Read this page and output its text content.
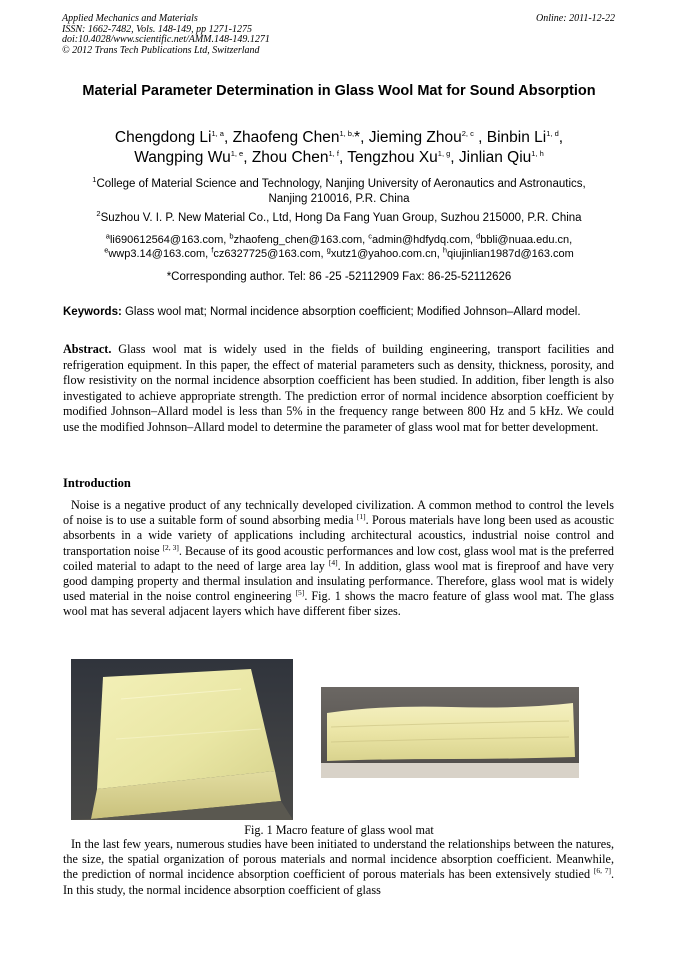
Applied Mechanics and Materials
ISSN: 1662-7482, Vols. 148-149, pp 1271-1275
doi:10.4028/www.scientific.net/AMM.148-149.1271
© 2012 Trans Tech Publications Ltd, Switzerland
Online: 2011-12-22
Material Parameter Determination in Glass Wool Mat for Sound Absorption
Chengdong Li$^{1, a}$, Zhaofeng Chen$^{1, b,}$*, Jieming Zhou$^{2, c}$ , Binbin Li$^{1, d}$,
Wangping Wu$^{1, e}$, Zhou Chen$^{1, f}$, Tengzhou Xu$^{1, g}$, Jinlian Qiu$^{1, h}$
$^1$College of Material Science and Technology, Nanjing University of Aeronautics and Astronautics,
Nanjing 210016, P.R. China
$^2$Suzhou V. I. P. New Material Co., Ltd, Hong Da Fang Yuan Group, Suzhou 215000, P.R. China
$^a$li690612564@163.com, $^b$zhaofeng_chen@163.com, $^c$admin@hdfydq.com, $^d$bbli@nuaa.edu.cn,
$^e$wwp3.14@163.com, $^f$cz6327725@163.com, $^g$xutz1@yahoo.com.cn, $^h$qiujinlian1987d@163.com
*Corresponding author. Tel: 86 -25 -52112909 Fax: 86-25-52112626
Keywords: Glass wool mat; Normal incidence absorption coefficient; Modified Johnson–Allard model.
Abstract. Glass wool mat is widely used in the fields of building engineering, transport facilities and refrigeration equipment. In this paper, the effect of material parameters such as density, thickness, porosity, and flow resistivity on the normal incidence absorption coefficient has been studied. In addition, fiber length is also investigated to achieve appropriate strength. The prediction error of normal incidence absorption coefficient by modified Johnson–Allard model is less than 5% in the frequency range between 800 Hz and 5 kHz. We could use the modified Johnson–Allard model to determine the parameter of glass wool mat for better development.
Introduction
Noise is a negative product of any technically developed civilization. A common method to control the levels of noise is to use a suitable form of sound absorbing media [1]. Porous materials have long been used as acoustic absorbents in a wide variety of applications including architectural acoustics, industrial noise control and transportation noise [2, 3]. Because of its good acoustic performances and low cost, glass wool mat is the preferred coiled material to adapt to the need of large area lay [4]. In addition, glass wool mat is fireproof and have very good damping property and thermal insulation and insulating performance. Therefore, glass wool mat is widely used material in the noise control engineering [5]. Fig. 1 shows the macro feature of glass wool mat. The glass wool mat has several adjacent layers which have different fiber sizes.
Fig. 1 Macro feature of glass wool mat
In the last few years, numerous studies have been initiated to understand the relationships between the natures, the size, the spatial organization of porous materials and normal incidence absorption coefficient. Meanwhile, the prediction of normal incidence absorption coefficient of porous materials has been extensively studied [6, 7]. In this study, the normal incidence absorption coefficient of glass
